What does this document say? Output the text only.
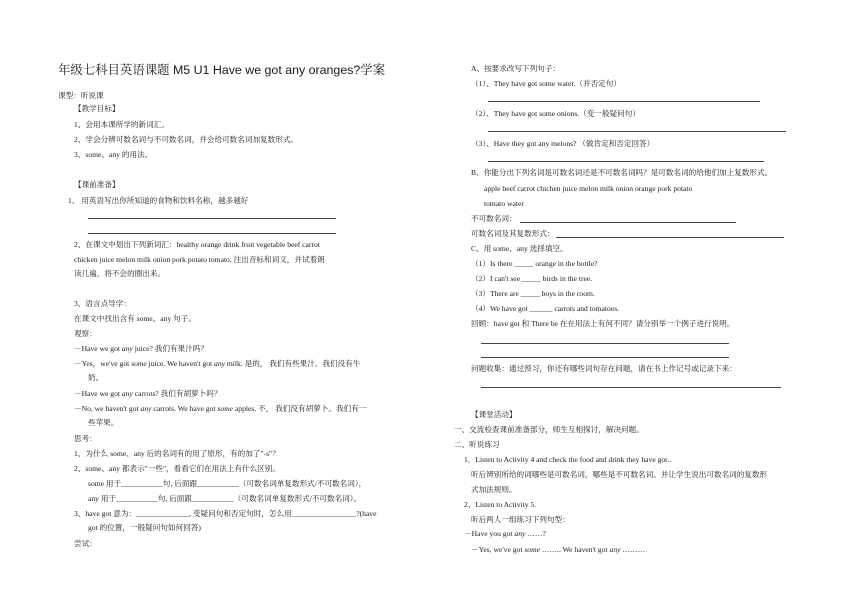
年级七科目英语课题 M5 U1 Have we got any oranges?学案
课型：听说课
【教学目标】
1、会用本课所学的新词汇。
2、学会分辨可数名词与不可数名词，并会给可数名词加复数形式。
3、some、any 的用法。
【课前准备】
1、 用英语写出你所知道的食物和饮料名称，越多越好
2、在课文中划出下列新词汇：healthy orange drink fruit vegetable beef carrot
chicken juice melon milk onion pork potato tomato, 注出音标和词义，并试着朗
读几遍，将不会的圈出来。
3、语言点导学：
在课文中找出含有 some、any 句子。
观察：
－Have we got any juice? 我们有果汁吗？
－Yes，we've got some juice. We haven't got any milk. 是的， 我们有些果汁。我们没有牛
奶。
－Have we got any carrots? 我们有胡萝卜吗？
－No, we haven't got any carrots. We have got some apples. 不， 我们没有胡萝卜。我们有一
些苹果。
思考：
1、为什么 some、any 后的名词有的用了原形，有的加了"-s"？
2、some、any 都表示"一些"，看看它们在用法上有什么区别。
some 用于___________句, 后面跟___________（可数名词单复数形式/不可数名词），
any 用于___________句, 后面跟___________（可数名词单复数形式/不可数名词）。
3、have got 意为：______________, 变疑问句和否定句时，怎么用_________________?(have
got 的位置，一般疑问句如何回答)
尝试：
A、按要求改写下列句子：
（1）、They have got some water.（并否定句）
（2）、They have got some onions.（变一般疑问句）
（3）、Have they got any melons? （做肯定和否定回答）
B、你能分出下列名词是可数名词还是不可数名词吗？是可数名词的给他们加上复数形式。
apple beef carrot chichen juice melon milk onion orange pork potato
tomato water
不可数名词：
可数名词及其复数形式：
C、用 some、any 选择填空。
（1）Is there _____ orange in the bottle?
（2）I can't see _____ birds in the tree.
（3）There are _____ boys in the room.
（4）We have got ______ carrots and tomatoes.
回顾：have got 和 There be 在在用法上有何不同？请分别举一个例子进行说明。
问题收集：通过预习，你还有哪些词句存在问题，请在书上作记号或记录下来：
【课堂活动】
一、交流检查课前准备部分，师生互相探讨，解决问题。
二、听说练习
1．Listen to Activity 4 and check the food and drink they have got..
听后辨别所给的词哪些是可数名词，哪些是不可数名词。并让学生说出可数名词的复数形
式加法规则。
2、Listen to Activity 5.
听后两人一组练习下列句型：
－Have you got any ……?
－Yes, we've got some …….. We haven't got any ………
